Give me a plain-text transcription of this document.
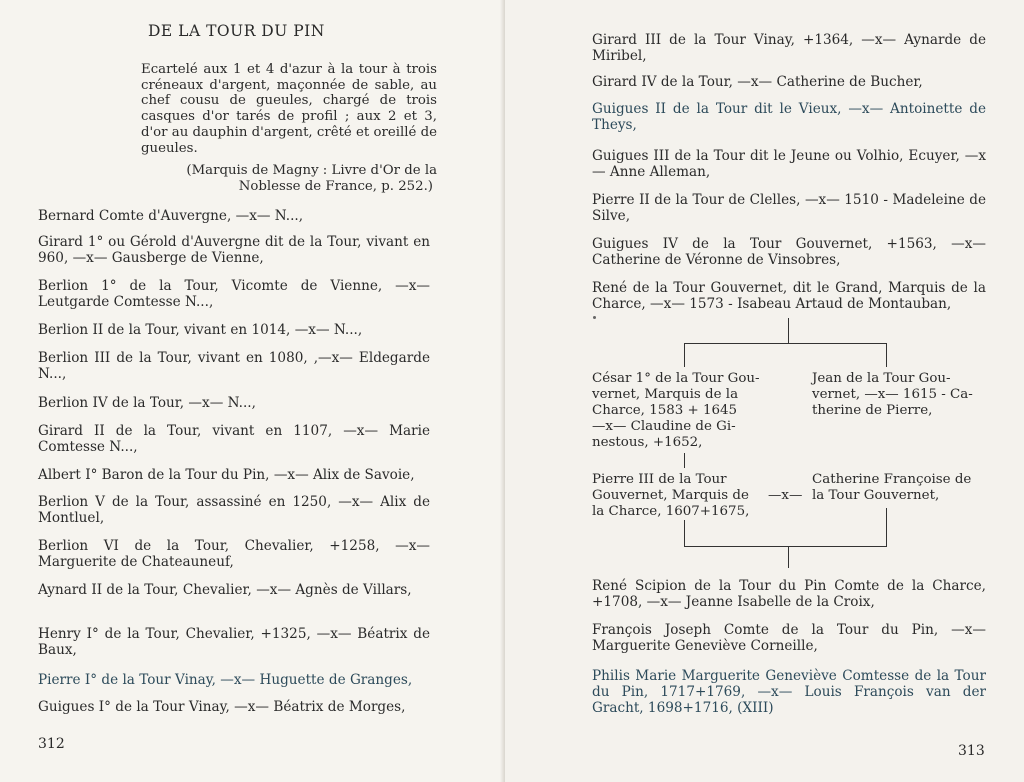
DE LA TOUR DU PIN
Ecartelé aux 1 et 4 d'azur à la tour à trois créneaux d'argent, maçonnée de sable, au chef cousu de gueules, chargé de trois casques d'or tarés de profil ; aux 2 et 3, d'or au dauphin d'argent, crêté et oreillé de gueules.
(Marquis de Magny : Livre d'Or de la
Noblesse de France, p. 252.)
Bernard Comte d'Auvergne, —x— N...,
Girard 1° ou Gérold d'Auvergne dit de la Tour, vivant en 960, —x— Gausberge de Vienne,
Berlion 1° de la Tour, Vicomte de Vienne, —x— Leutgarde Comtesse N...,
Berlion II de la Tour, vivant en 1014, —x— N...,
Berlion III de la Tour, vivant en 1080, ,—x— Eldegarde N...,
Berlion IV de la Tour, —x— N...,
Girard II de la Tour, vivant en 1107, —x— Marie Comtesse N...,
Albert I° Baron de la Tour du Pin, —x— Alix de Savoie,
Berlion V de la Tour, assassiné en 1250, —x— Alix de Montluel,
Berlion VI de la Tour, Chevalier, +1258, —x— Marguerite de Chateauneuf,
Aynard II de la Tour, Chevalier, —x— Agnès de Villars,
Henry I° de la Tour, Chevalier, +1325, —x— Béatrix de Baux,
Pierre I° de la Tour Vinay, —x— Huguette de Granges,
Guigues I° de la Tour Vinay, —x— Béatrix de Morges,
312
Girard III de la Tour Vinay, +1364, —x— Aynarde de Miribel,
Girard IV de la Tour, —x— Catherine de Bucher,
Guigues II de la Tour dit le Vieux, —x— Antoinette de Theys,
Guigues III de la Tour dit le Jeune ou Volhio, Ecuyer, —x— Anne Alleman,
Pierre II de la Tour de Clelles, —x— 1510 - Madeleine de Silve,
Guigues IV de la Tour Gouvernet, +1563, —x— Catherine de Véronne de Vinsobres,
René de la Tour Gouvernet, dit le Grand, Marquis de la Charce, —x— 1573 - Isabeau Artaud de Montauban,
César 1° de la Tour Gou-
vernet, Marquis de la
Charce, 1583 + 1645
—x— Claudine de Gi-
nestous, +1652,
Jean de la Tour Gou-
vernet, —x— 1615 - Ca-
therine de Pierre,
Pierre III de la Tour
Gouvernet, Marquis de
la Charce, 1607+1675,
—x—
Catherine Françoise de
la Tour Gouvernet,
René Scipion de la Tour du Pin Comte de la Charce, +1708, —x— Jeanne Isabelle de la Croix,
François Joseph Comte de la Tour du Pin, —x— Marguerite Geneviève Corneille,
Philis Marie Marguerite Geneviève Comtesse de la Tour du Pin, 1717+1769, —x— Louis François van der Gracht, 1698+1716, (XIII)
313
